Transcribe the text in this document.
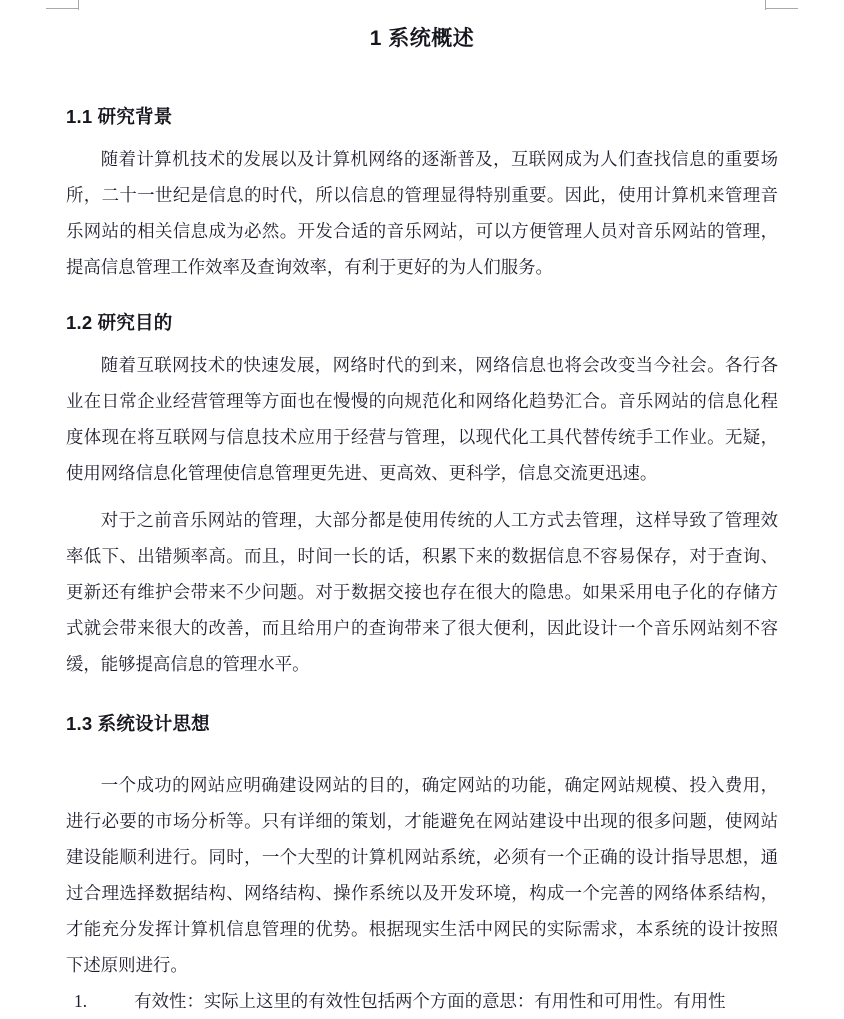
1 系统概述
1.1 研究背景

随着计算机技术的发展以及计算机网络的逐渐普及，互联网成为人们查找信息的重要场所，二十一世纪是信息的时代，所以信息的管理显得特别重要。因此，使用计算机来管理音乐网站的相关信息成为必然。开发合适的音乐网站，可以方便管理人员对音乐网站的管理，提高信息管理工作效率及查询效率，有利于更好的为人们服务。

1.2 研究目的

随着互联网技术的快速发展，网络时代的到来，网络信息也将会改变当今社会。各行各业在日常企业经营管理等方面也在慢慢的向规范化和网络化趋势汇合。音乐网站的信息化程度体现在将互联网与信息技术应用于经营与管理，以现代化工具代替传统手工作业。无疑，使用网络信息化管理使信息管理更先进、更高效、更科学，信息交流更迅速。

对于之前音乐网站的管理，大部分都是使用传统的人工方式去管理，这样导致了管理效率低下、出错频率高。而且，时间一长的话，积累下来的数据信息不容易保存，对于查询、更新还有维护会带来不少问题。对于数据交接也存在很大的隐患。如果采用电子化的存储方式就会带来很大的改善，而且给用户的查询带来了很大便利，因此设计一个音乐网站刻不容缓，能够提高信息的管理水平。

1.3 系统设计思想

一个成功的网站应明确建设网站的目的，确定网站的功能，确定网站规模、投入费用，进行必要的市场分析等。只有详细的策划，才能避免在网站建设中出现的很多问题，使网站建设能顺利进行。同时，一个大型的计算机网站系统，必须有一个正确的设计指导思想，通过合理选择数据结构、网络结构、操作系统以及开发环境，构成一个完善的网络体系结构，才能充分发挥计算机信息管理的优势。根据现实生活中网民的实际需求，本系统的设计按照下述原则进行。

1.	有效性：实际上这里的有效性包括两个方面的意思：有用性和可用性。有用性
